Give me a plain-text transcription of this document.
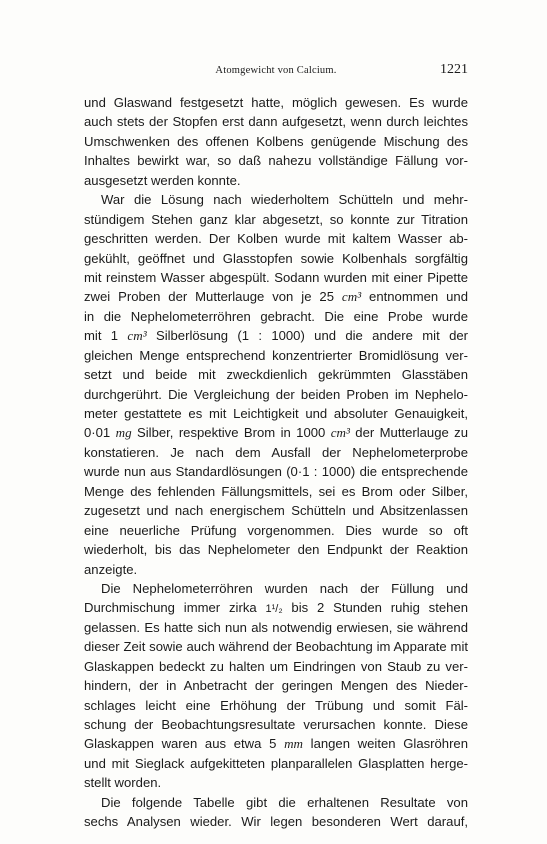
Atomgewicht von Calcium.	1221
und Glaswand festgesetzt hatte, möglich gewesen. Es wurde
auch stets der Stopfen erst dann aufgesetzt, wenn durch leichtes
Umschwenken des offenen Kolbens genügende Mischung des
Inhaltes bewirkt war, so daß nahezu vollständige Fällung vor-
ausgesetzt werden konnte.
War die Lösung nach wiederholtem Schütteln und mehr-
stündigem Stehen ganz klar abgesetzt, so konnte zur Titration
geschritten werden. Der Kolben wurde mit kaltem Wasser ab-
gekühlt, geöffnet und Glasstopfen sowie Kolbenhals sorgfältig
mit reinstem Wasser abgespült. Sodann wurden mit einer Pipette
zwei Proben der Mutterlauge von je 25 cm³ entnommen und
in die Nephelometerröhren gebracht. Die eine Probe wurde
mit 1 cm³ Silberlösung (1 : 1000) und die andere mit der
gleichen Menge entsprechend konzentrierter Bromidlösung ver-
setzt und beide mit zweckdienlich gekrümmten Glasstäben
durchgerührt. Die Vergleichung der beiden Proben im Nephelo-
meter gestattete es mit Leichtigkeit und absoluter Genauigkeit,
0·01 mg Silber, respektive Brom in 1000 cm³ der Mutterlauge zu
konstatieren. Je nach dem Ausfall der Nephelometerprobe
wurde nun aus Standardlösungen (0·1 : 1000) die entsprechende
Menge des fehlenden Fällungsmittels, sei es Brom oder Silber,
zugesetzt und nach energischem Schütteln und Absitzenlassen
eine neuerliche Prüfung vorgenommen. Dies wurde so oft
wiederholt, bis das Nephelometer den Endpunkt der Reaktion
anzeigte.
Die Nephelometerröhren wurden nach der Füllung und
Durchmischung immer zirka 1¹/₂ bis 2 Stunden ruhig stehen
gelassen. Es hatte sich nun als notwendig erwiesen, sie während
dieser Zeit sowie auch während der Beobachtung im Apparate mit
Glaskappen bedeckt zu halten um Eindringen von Staub zu ver-
hindern, der in Anbetracht der geringen Mengen des Nieder-
schlages leicht eine Erhöhung der Trübung und somit Fäl-
schung der Beobachtungsresultate verursachen konnte. Diese
Glaskappen waren aus etwa 5 mm langen weiten Glasröhren
und mit Sieglack aufgekitteten planparallelen Glasplatten herge-
stellt worden.
Die folgende Tabelle gibt die erhaltenen Resultate von
sechs Analysen wieder. Wir legen besonderen Wert darauf,
